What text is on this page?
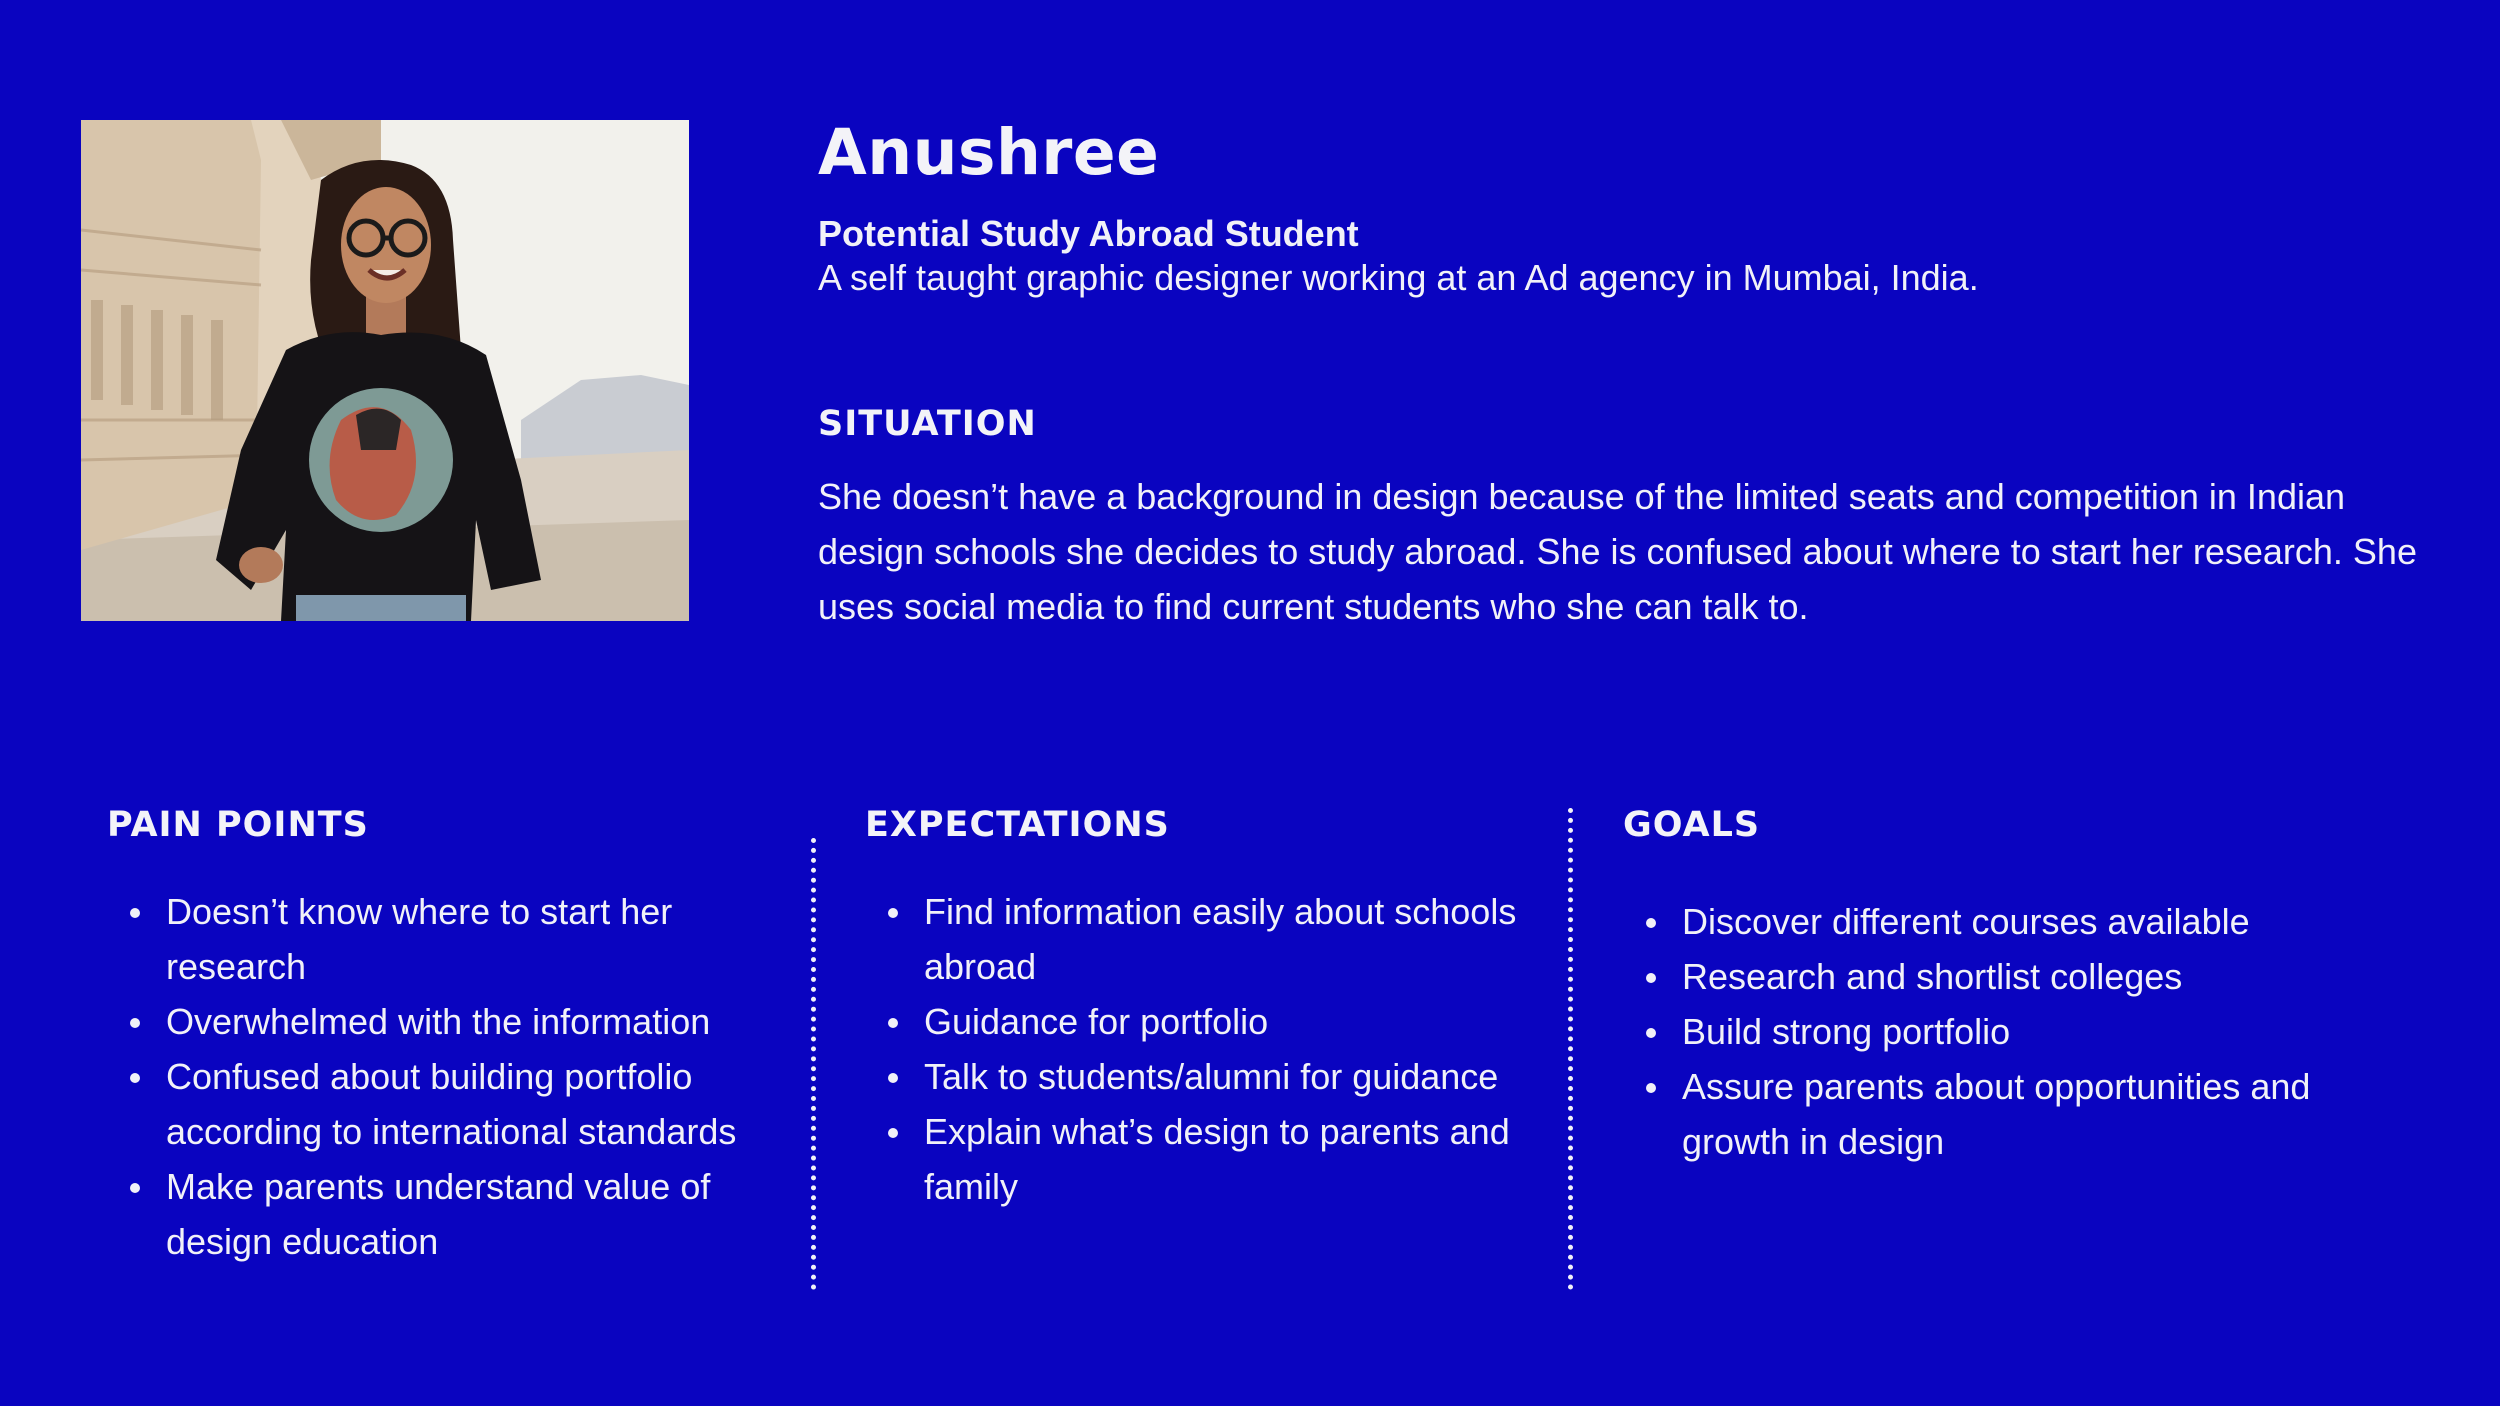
Anushree

Potential Study Abroad Student

A self taught graphic designer working at an Ad agency in Mumbai, India.

SITUATION

She doesn’t have a background in design because of the limited seats and competition in Indian design schools she decides to study abroad. She is confused about where to start her research. She uses social media to find current students who she can talk to.

PAIN POINTS
Doesn’t know where to start her research
Overwhelmed with the information
Confused about building portfolio according to international standards
Make parents understand value of design education
EXPECTATIONS
Find information easily about schools abroad
Guidance for portfolio
Talk to students/alumni for guidance
Explain what’s design to parents and family
GOALS
Discover different courses available
Research and shortlist colleges
Build strong portfolio
Assure parents about opportunities and growth in design
